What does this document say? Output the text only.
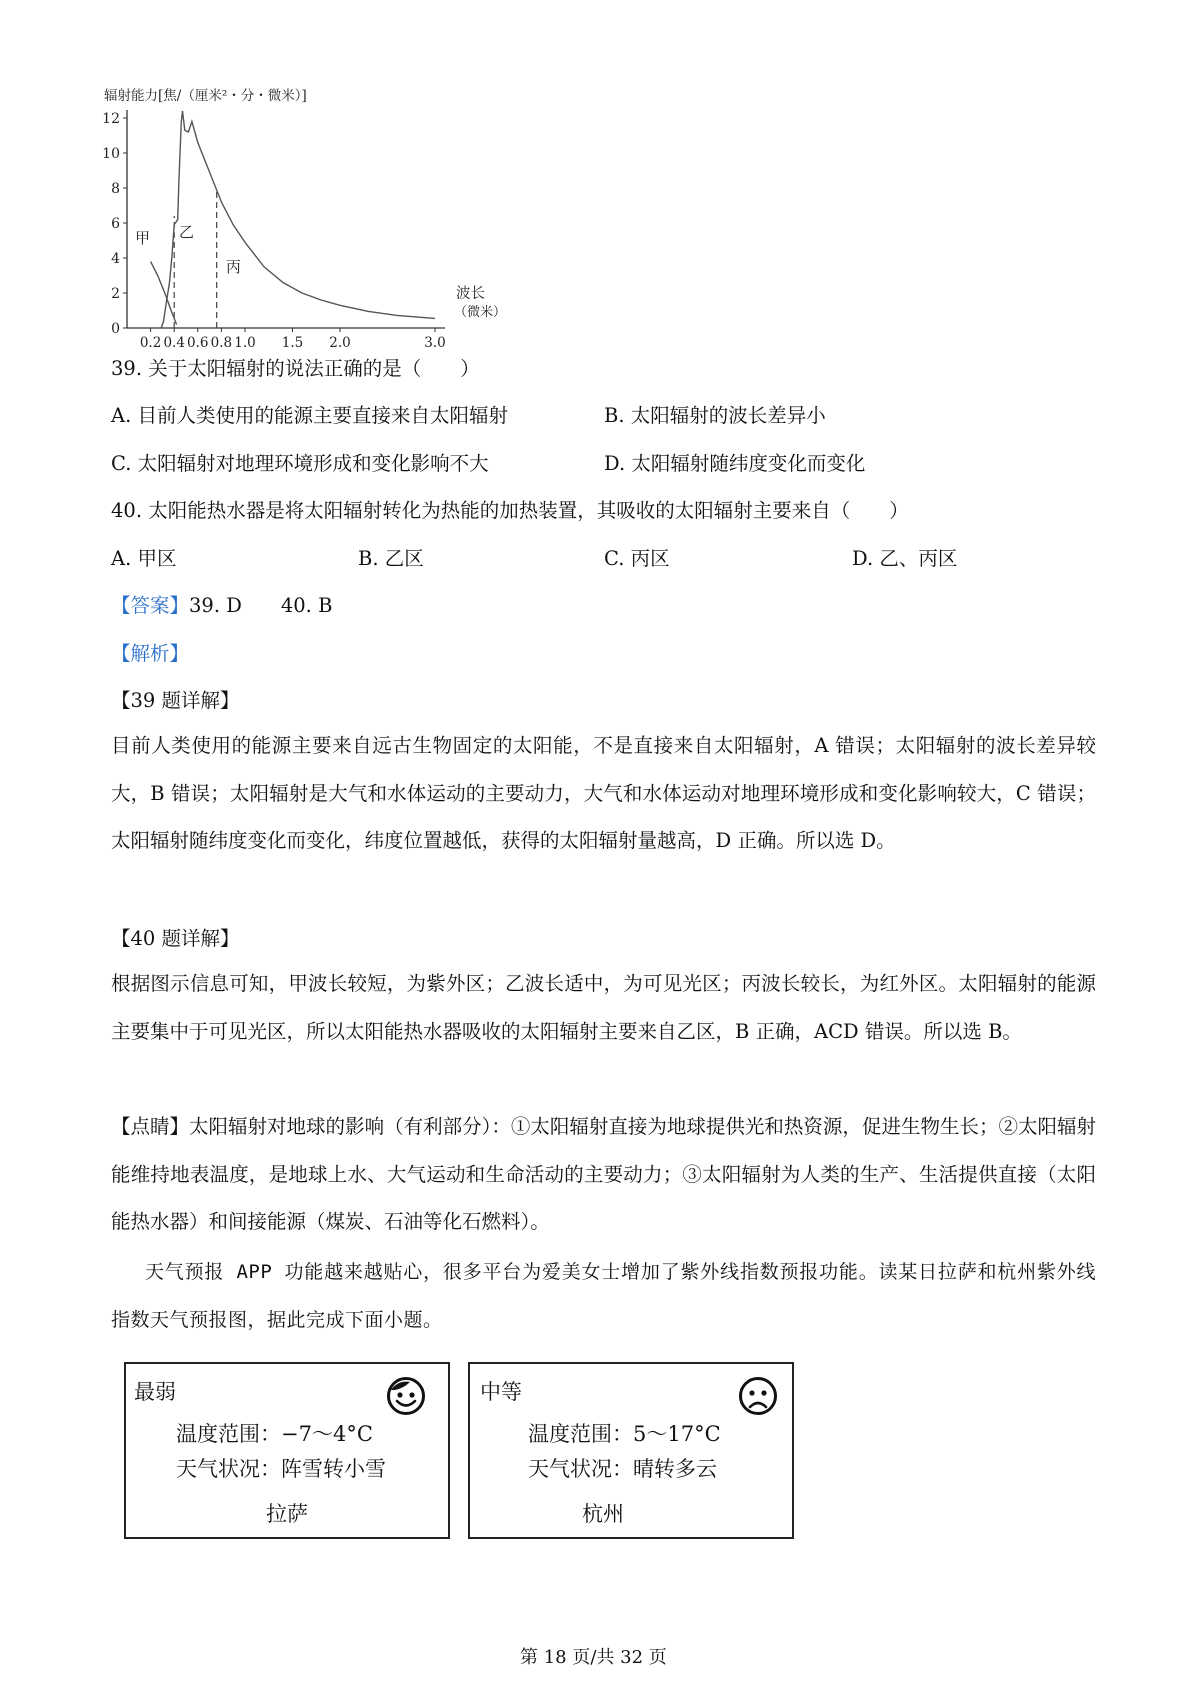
0
2
4
6
8
10
12
0.2 0.4 0.6 0.8 1.0 1.5 2.0	3.0
辐射能力[焦/（厘米²・分・微米）]
波长
（微米）
甲 乙
丙
39. 关于太阳辐射的说法正确的是（　　）
A. 目前人类使用的能源主要直接来自太阳辐射	B. 太阳辐射的波长差异小
C. 太阳辐射对地理环境形成和变化影响不大	D. 太阳辐射随纬度变化而变化
40. 太阳能热水器是将太阳辐射转化为热能的加热装置，其吸收的太阳辐射主要来自（　　）
A. 甲区	B. 乙区	C. 丙区	D. 乙、丙区
【答案】39. D　　40. B
【解析】
【39 题详解】
目前人类使用的能源主要来自远古生物固定的太阳能，不是直接来自太阳辐射，A 错误；太阳辐射的波长差异较大，B 错误；太阳辐射是大气和水体运动的主要动力，大气和水体运动对地理环境形成和变化影响较大，C 错误；太阳辐射随纬度变化而变化，纬度位置越低，获得的太阳辐射量越高，D 正确。所以选 D。
【40 题详解】
根据图示信息可知，甲波长较短，为紫外区；乙波长适中，为可见光区；丙波长较长，为红外区。太阳辐射的能源主要集中于可见光区，所以太阳能热水器吸收的太阳辐射主要来自乙区，B 正确，ACD 错误。所以选 B。
【点睛】太阳辐射对地球的影响（有利部分）：①太阳辐射直接为地球提供光和热资源，促进生物生长；②太阳辐射能维持地表温度，是地球上水、大气运动和生命活动的主要动力；③太阳辐射为人类的生产、生活提供直接（太阳能热水器）和间接能源（煤炭、石油等化石燃料）。
天气预报 APP 功能越来越贴心，很多平台为爱美女士增加了紫外线指数预报功能。读某日拉萨和杭州紫外线指数天气预报图，据此完成下面小题。
最弱
温度范围：−7～4°C
天气状况：阵雪转小雪
拉萨
中等
温度范围：5～17°C
天气状况：晴转多云
杭州
第 18 页/共 32 页
